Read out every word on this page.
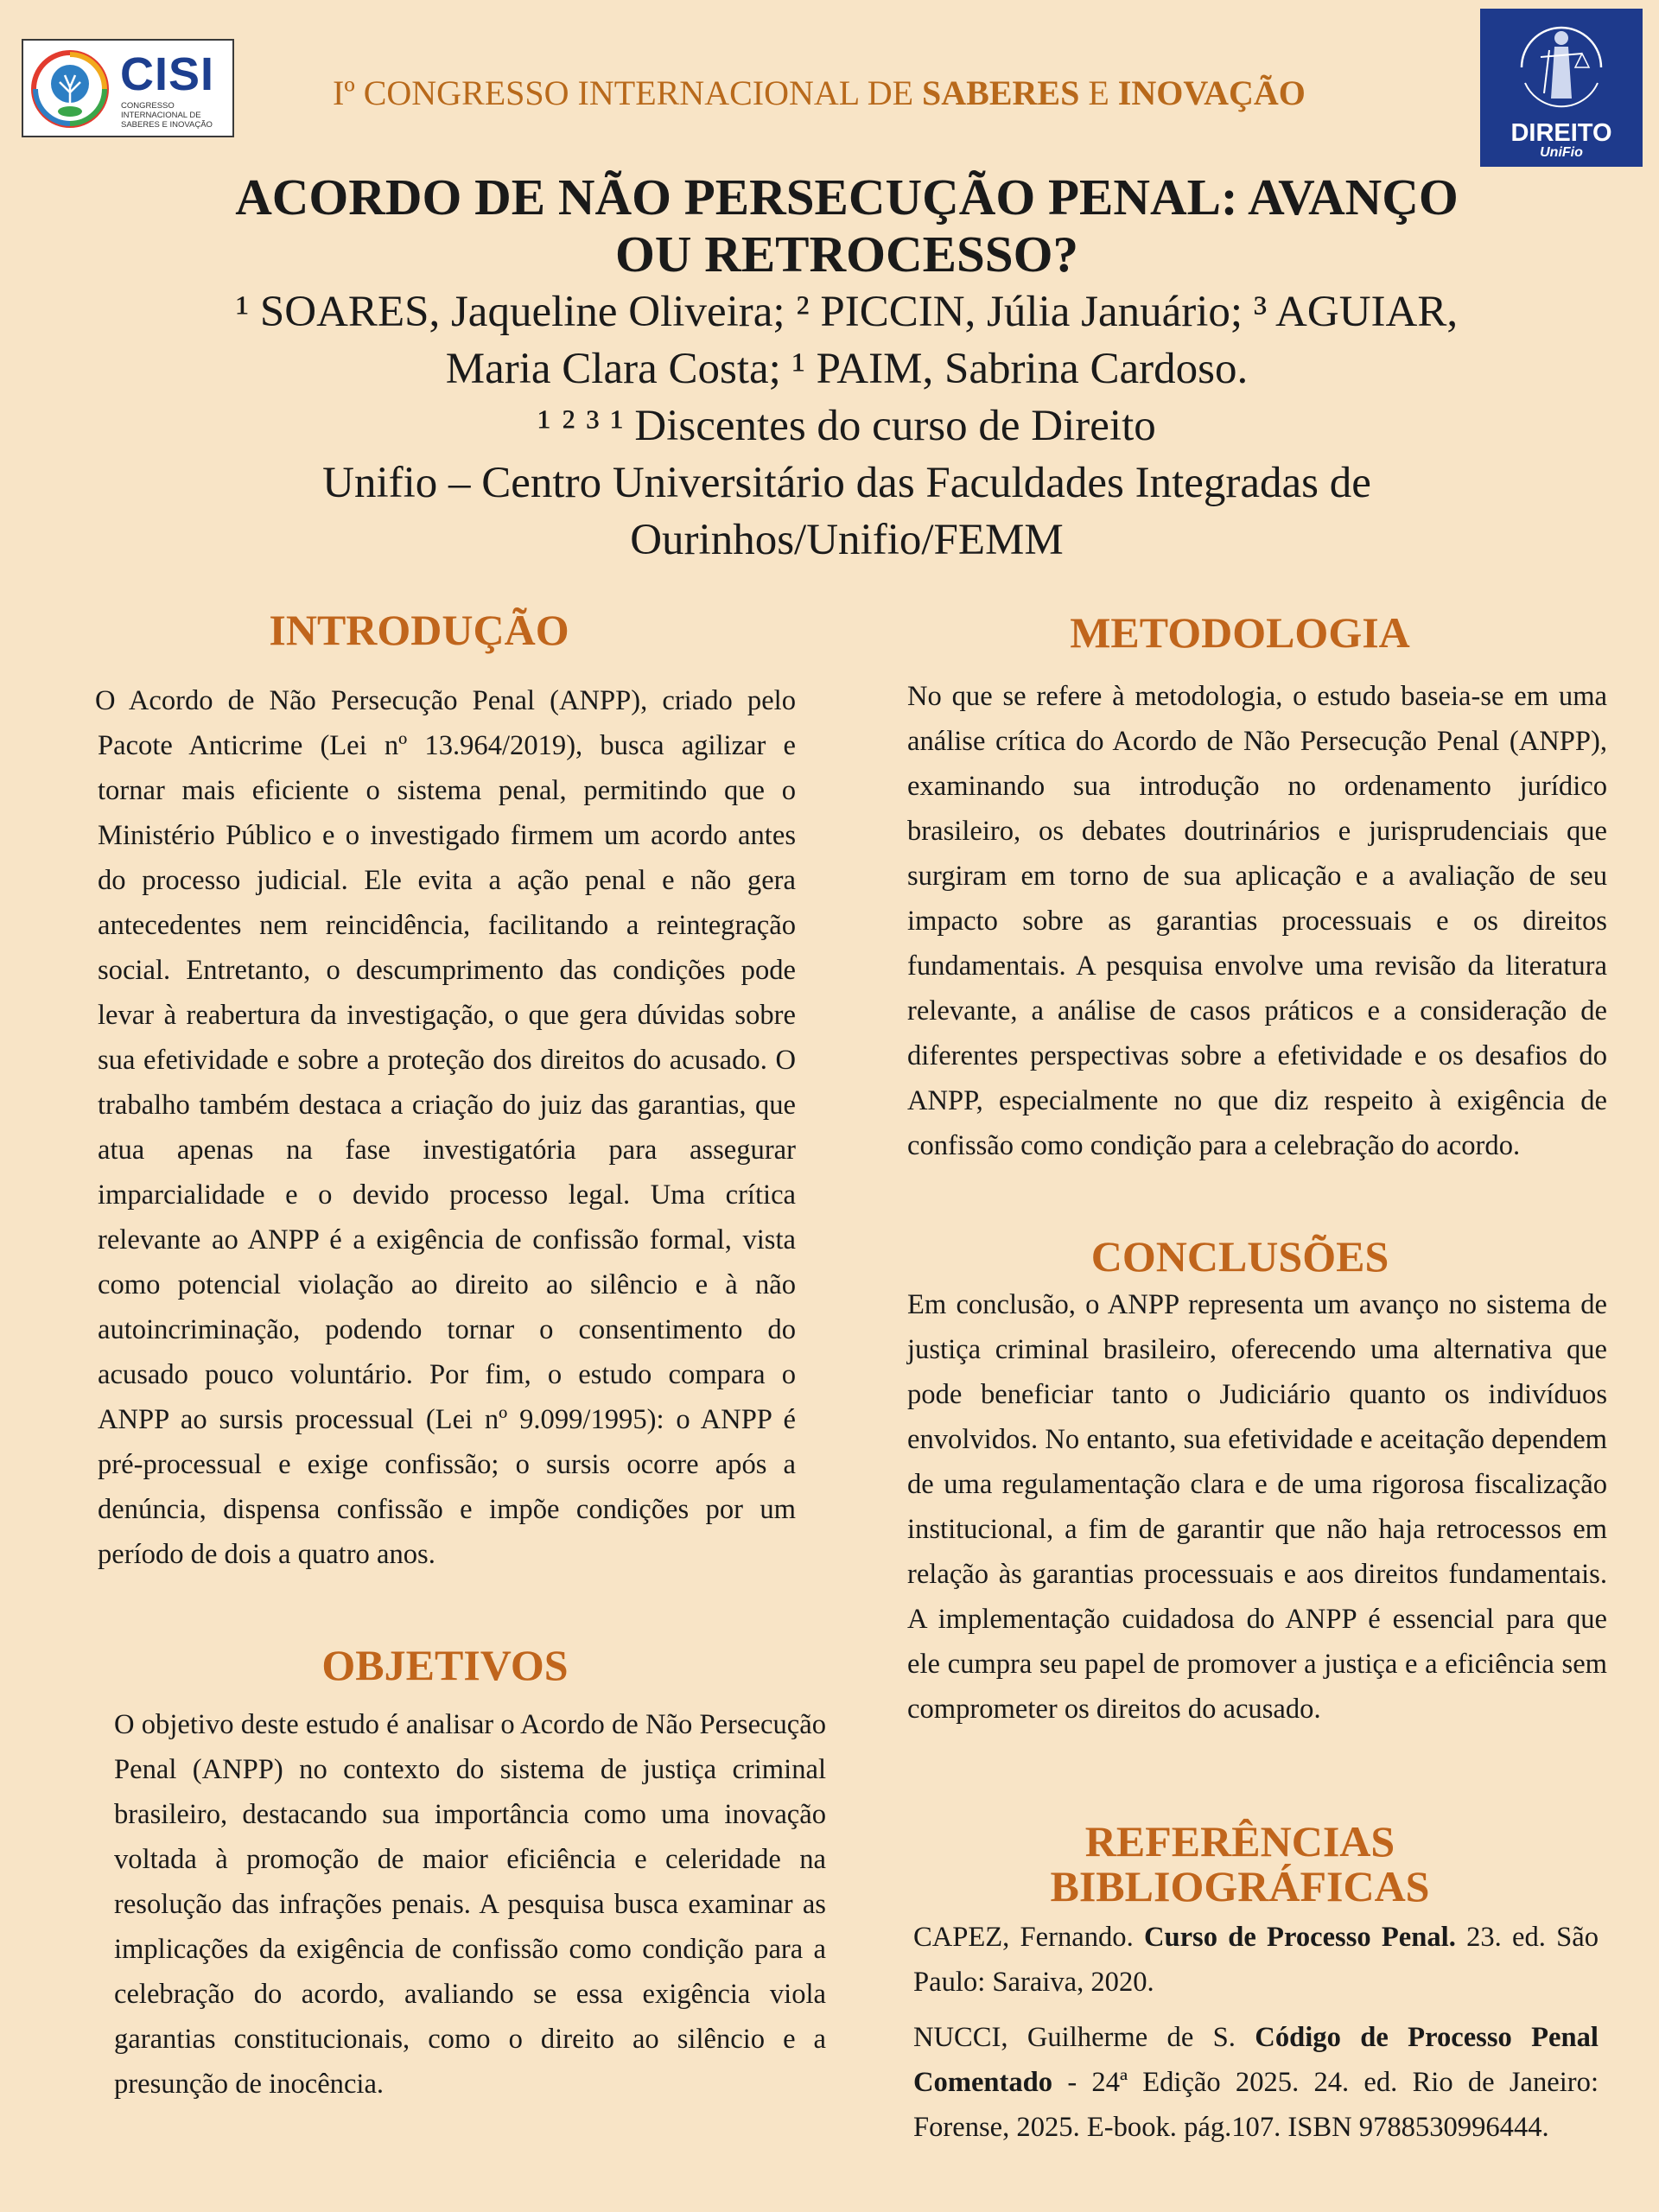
CISI
CONGRESSO INTERNACIONAL DE SABERES E INOVAÇÃO	DIREITO
UniFio
Iº CONGRESSO INTERNACIONAL DE SABERES E INOVAÇÃO
ACORDO DE NÃO PERSECUÇÃO PENAL: AVANÇO
OU RETROCESSO?
¹ SOARES, Jaqueline Oliveira; ² PICCIN, Júlia Januário; ³ AGUIAR,
Maria Clara Costa; ¹ PAIM, Sabrina Cardoso.
¹ ² ³ ¹ Discentes do curso de Direito
Unifio – Centro Universitário das Faculdades Integradas de
Ourinhos/Unifio/FEMM
INTRODUÇÃO
O Acordo de Não Persecução Penal (ANPP), criado pelo Pacote Anticrime (Lei nº 13.964/2019), busca agilizar e tornar mais eficiente o sistema penal, permitindo que o Ministério Público e o investigado firmem um acordo antes do processo judicial. Ele evita a ação penal e não gera antecedentes nem reincidência, facilitando a reintegração social. Entretanto, o descumprimento das condições pode levar à reabertura da investigação, o que gera dúvidas sobre sua efetividade e sobre a proteção dos direitos do acusado. O trabalho também destaca a criação do juiz das garantias, que atua apenas na fase investigatória para assegurar imparcialidade e o devido processo legal. Uma crítica relevante ao ANPP é a exigência de confissão formal, vista como potencial violação ao direito ao silêncio e à não autoincriminação, podendo tornar o consentimento do acusado pouco voluntário. Por fim, o estudo compara o ANPP ao sursis processual (Lei nº 9.099/1995): o ANPP é pré-processual e exige confissão; o sursis ocorre após a denúncia, dispensa confissão e impõe condições por um período de dois a quatro anos.
OBJETIVOS
O objetivo deste estudo é analisar o Acordo de Não Persecução Penal (ANPP) no contexto do sistema de justiça criminal brasileiro, destacando sua importância como uma inovação voltada à promoção de maior eficiência e celeridade na resolução das infrações penais. A pesquisa busca examinar as implicações da exigência de confissão como condição para a celebração do acordo, avaliando se essa exigência viola garantias constitucionais, como o direito ao silêncio e a presunção de inocência.
METODOLOGIA
No que se refere à metodologia, o estudo baseia-se em uma análise crítica do Acordo de Não Persecução Penal (ANPP), examinando sua introdução no ordenamento jurídico brasileiro, os debates doutrinários e jurisprudenciais que surgiram em torno de sua aplicação e a avaliação de seu impacto sobre as garantias processuais e os direitos fundamentais. A pesquisa envolve uma revisão da literatura relevante, a análise de casos práticos e a consideração de diferentes perspectivas sobre a efetividade e os desafios do ANPP, especialmente no que diz respeito à exigência de confissão como condição para a celebração do acordo.
CONCLUSÕES
Em conclusão, o ANPP representa um avanço no sistema de justiça criminal brasileiro, oferecendo uma alternativa que pode beneficiar tanto o Judiciário quanto os indivíduos envolvidos. No entanto, sua efetividade e aceitação dependem de uma regulamentação clara e de uma rigorosa fiscalização institucional, a fim de garantir que não haja retrocessos em relação às garantias processuais e aos direitos fundamentais. A implementação cuidadosa do ANPP é essencial para que ele cumpra seu papel de promover a justiça e a eficiência sem comprometer os direitos do acusado.
REFERÊNCIAS
BIBLIOGRÁFICAS
CAPEZ, Fernando. Curso de Processo Penal. 23. ed. São Paulo: Saraiva, 2020.
NUCCI, Guilherme de S. Código de Processo Penal Comentado - 24ª Edição 2025. 24. ed. Rio de Janeiro: Forense, 2025. E-book. pág.107. ISBN 9788530996444.
